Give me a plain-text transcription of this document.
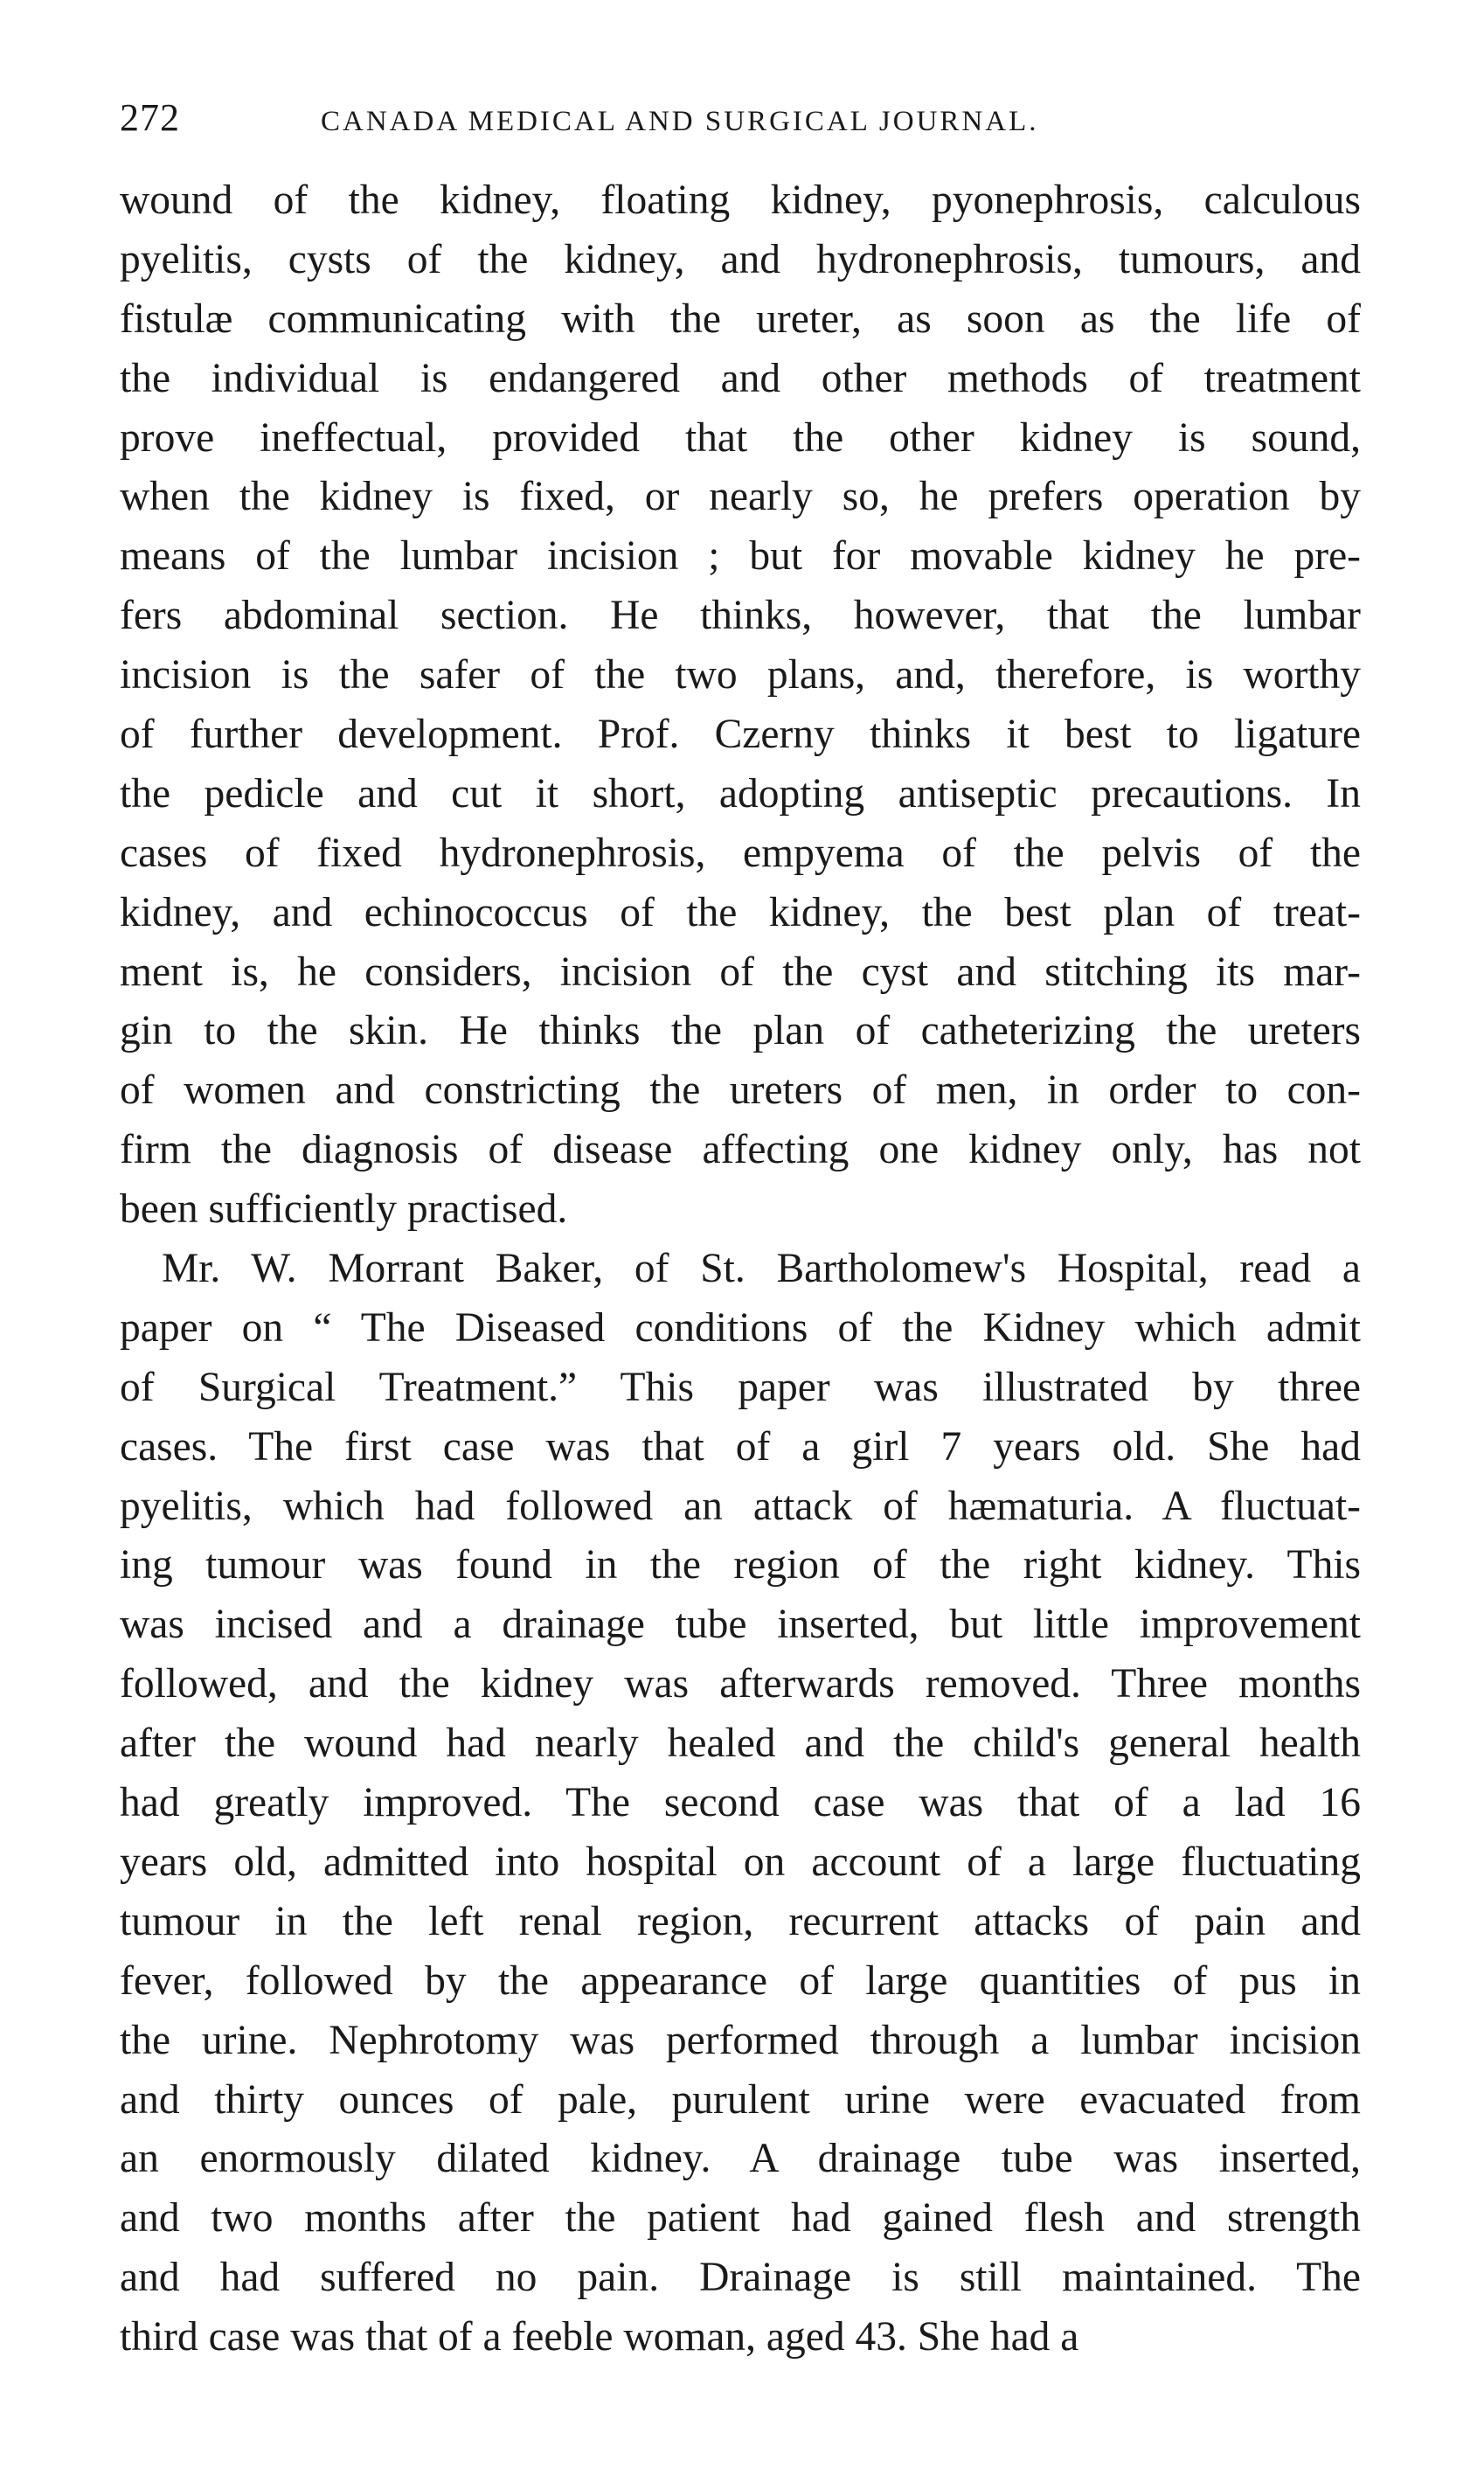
272	CANADA MEDICAL AND SURGICAL JOURNAL.
wound of the kidney, floating kidney, pyonephrosis, calculous
pyelitis, cysts of the kidney, and hydronephrosis, tumours, and
fistulæ communicating with the ureter, as soon as the life of
the individual is endangered and other methods of treatment
prove ineffectual, provided that the other kidney is sound,
when the kidney is fixed, or nearly so, he prefers operation by
means of the lumbar incision ; but for movable kidney he pre-
fers abdominal section. He thinks, however, that the lumbar
incision is the safer of the two plans, and, therefore, is worthy
of further development. Prof. Czerny thinks it best to ligature
the pedicle and cut it short, adopting antiseptic precautions. In
cases of fixed hydronephrosis, empyema of the pelvis of the
kidney, and echinococcus of the kidney, the best plan of treat-
ment is, he considers, incision of the cyst and stitching its mar-
gin to the skin. He thinks the plan of catheterizing the ureters
of women and constricting the ureters of men, in order to con-
firm the diagnosis of disease affecting one kidney only, has not
been sufficiently practised.
Mr. W. Morrant Baker, of St. Bartholomew's Hospital, read a
paper on “ The Diseased conditions of the Kidney which admit
of Surgical Treatment.” This paper was illustrated by three
cases. The first case was that of a girl 7 years old. She had
pyelitis, which had followed an attack of hæmaturia. A fluctuat-
ing tumour was found in the region of the right kidney. This
was incised and a drainage tube inserted, but little improvement
followed, and the kidney was afterwards removed. Three months
after the wound had nearly healed and the child's general health
had greatly improved. The second case was that of a lad 16
years old, admitted into hospital on account of a large fluctuating
tumour in the left renal region, recurrent attacks of pain and
fever, followed by the appearance of large quantities of pus in
the urine. Nephrotomy was performed through a lumbar incision
and thirty ounces of pale, purulent urine were evacuated from
an enormously dilated kidney. A drainage tube was inserted,
and two months after the patient had gained flesh and strength
and had suffered no pain. Drainage is still maintained. The
third case was that of a feeble woman, aged 43. She had a
